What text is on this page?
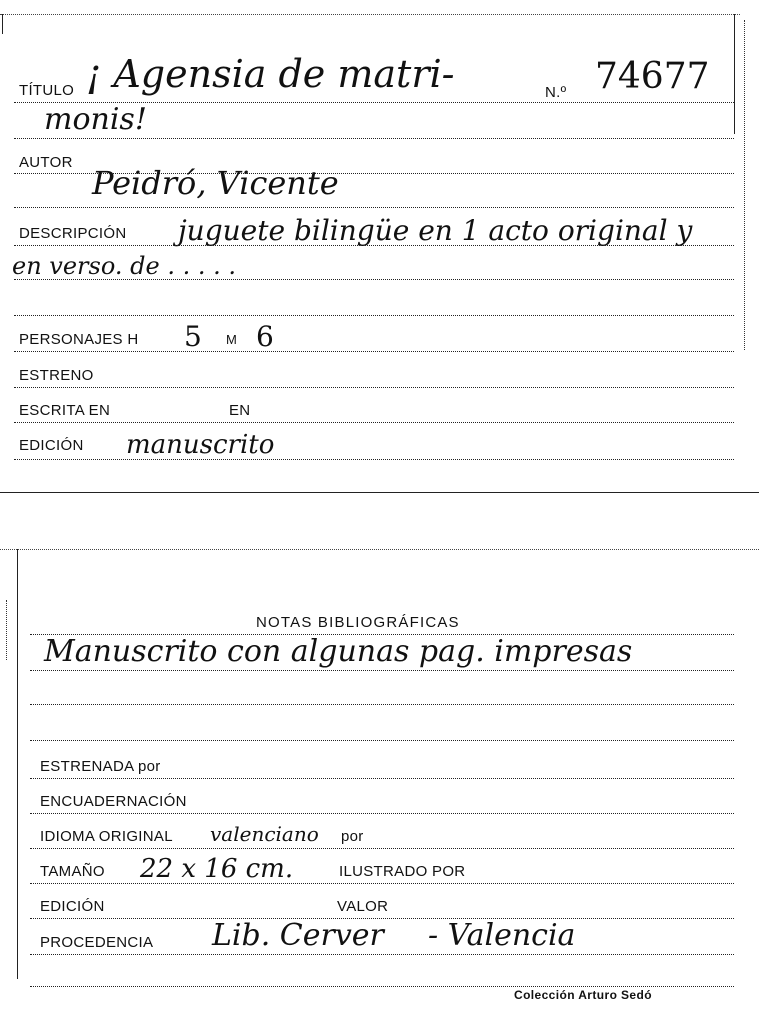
TÍTULO ¡ Agensia de matri-	N.º 74677
monis!
AUTOR
Peidró, Vicente
DESCRIPCIÓN juguete bilingüe en 1 acto original y
en verso. de . . . . .
PERSONAJES H 5 M 6
ESTRENO
ESCRITA EN	EN
EDICIÓN manuscrito
NOTAS BIBLIOGRÁFICAS
Manuscrito con algunas pag. impresas
ESTRENADA por
ENCUADERNACIÓN
IDIOMA ORIGINAL valenciano por
TAMAÑO 22 x 16 cm.	ILUSTRADO POR
EDICIÓN	VALOR
PROCEDENCIA Lib. Cerver - Valencia
Colección Arturo Sedó
